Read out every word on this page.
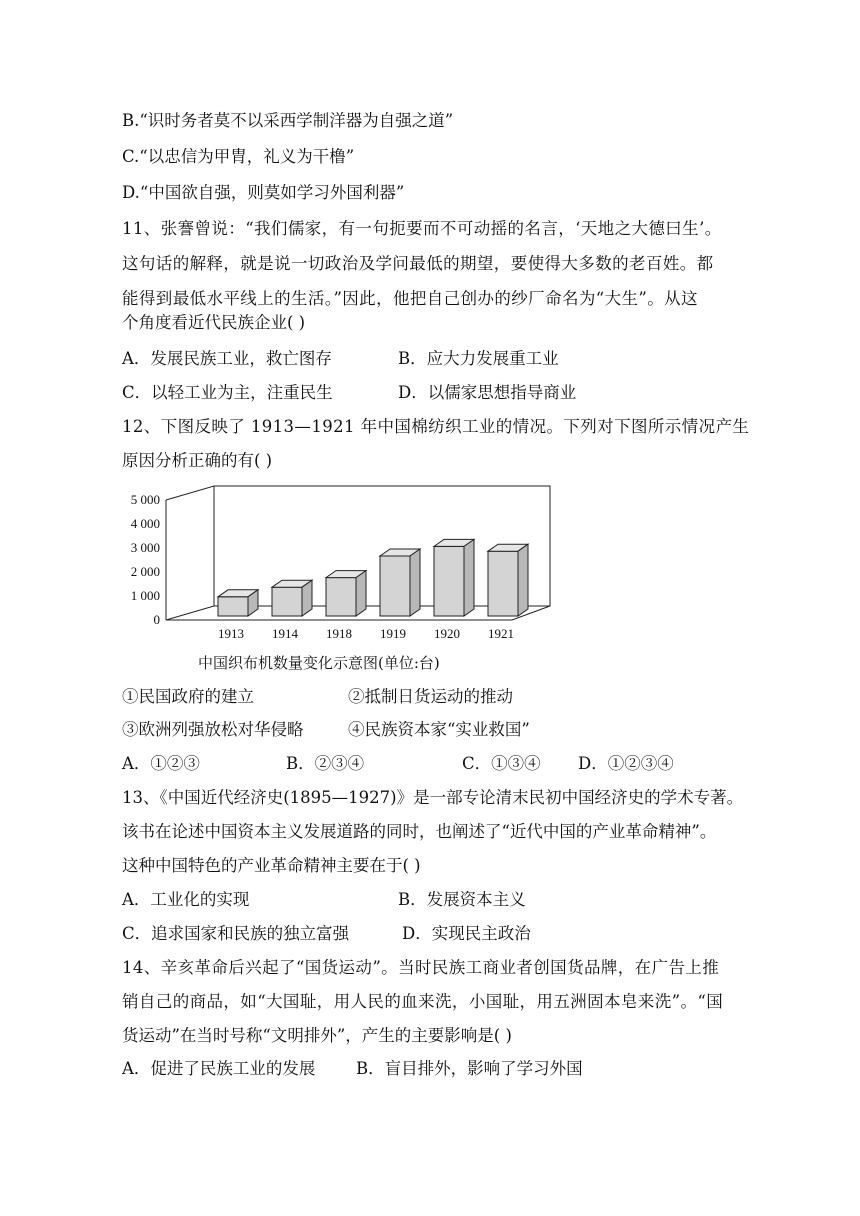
B.“识时务者莫不以采西学制洋器为自强之道”
C.“以忠信为甲胄，礼义为干橹”
D.“中国欲自强，则莫如学习外国利器”
11、张謇曾说：“我们儒家，有一句扼要而不可动摇的名言，‘天地之大德曰生’。
这句话的解释，就是说一切政治及学问最低的期望，要使得大多数的老百姓。都
能得到最低水平线上的生活。”因此，他把自己创办的纱厂命名为“大生”。从这
个角度看近代民族企业( )
A．发展民族工业，救亡图存	B．应大力发展重工业
C．以轻工业为主，注重民生	D．以儒家思想指导商业
12、下图反映了 1913—1921 年中国棉纺织工业的情况。下列对下图所示情况产生
原因分析正确的有( )
0
1 000
2 000
3 000
4 000
5 000
1913 1914 1918 1919 1920 1921
中国织布机数量变化示意图(单位:台)
①民国政府的建立	②抵制日货运动的推动
③欧洲列强放松对华侵略	④民族资本家“实业救国”
A．①②③	B．②③④	C．①③④ D．①②③④
13、《中国近代经济史(1895—1927)》是一部专论清末民初中国经济史的学术专著。
该书在论述中国资本主义发展道路的同时，也阐述了“近代中国的产业革命精神”。
这种中国特色的产业革命精神主要在于( )
A．工业化的实现	B．发展资本主义
C．追求国家和民族的独立富强	D．实现民主政治
14、辛亥革命后兴起了“国货运动”。当时民族工商业者创国货品牌，在广告上推
销自己的商品，如“大国耻，用人民的血来洗，小国耻，用五洲固本皂来洗”。“国
货运动”在当时号称“文明排外”，产生的主要影响是( )
A．促进了民族工业的发展 B．盲目排外，影响了学习外国
